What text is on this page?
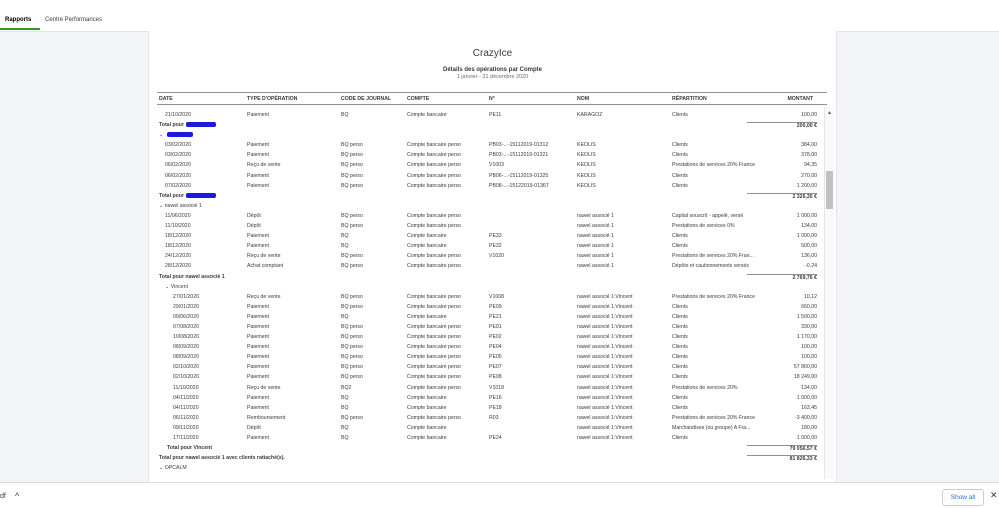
Rapports Centre Performances
CrazyIce
Détails des opérations par Compte
1 janvier - 31 décembre 2020
DATE	TYPE D'OPÉRATION	CODE DE JOURNAL	COMPTE	N°	NOM	RÉPARTITION	MONTANT
21/10/2020	Paiement	BQ	Compte bancaire	PE11	KARAGOZ	Clients	100,00
Total pour	200,00 €
⌄
03/02/2020	Paiement	BQ perso	Compte bancaire perso	PB03-...-15112019-01312	KEOLIS	Clients	384,00
03/02/2020	Paiement	BQ perso	Compte bancaire perso	PB03-...-15112019-01321	KEOLIS	Clients	378,00
06/02/2020	Reçu de vente	BQ perso	Compte bancaire perso	V1003	KEOLIS	Prestations de services 20% France	94,35
06/02/2020	Paiement	BQ perso	Compte bancaire perso	PB06-...-15112019-01325	KEOLIS	Clients	270,00
07/02/2020	Paiement	BQ perso	Compte bancaire perso	PB08-...-15122019-01367	KEOLIS	Clients	1 200,00
Total pour	2 326,35 €
⌄ nawel associé 1
11/06/2020	Dépôt	BQ perso	Compte bancaire perso	nawel associé 1	Capital souscrit - appelé, versé	1 000,00
11/10/2020	Dépôt	BQ perso	Compte bancaire perso	nawel associé 1	Prestations de services 0%	134,00
18/12/2020	Paiement	BQ	Compte bancaire	PE33	nawel associé 1	Clients	1 000,00
18/12/2020	Paiement	BQ	Compte bancaire	PE32	nawel associé 1	Clients	500,00
24/12/2020	Reçu de vente	BQ perso	Compte bancaire perso	V1020	nawel associé 1	Prestations de services 20% Fran...	136,00
28/12/2020	Achat comptant	BQ perso	Compte bancaire perso	nawel associé 1	Dépôts et cautionnements versés	-0,24
Total pour nawel associé 1	2 769,76 €
⌄ Vincent
27/01/2020	Reçu de vente	BQ perso	Compte bancaire perso	V1008	nawel associé 1:Vincent	Prestations de services 20% France	10,12
29/01/2020	Paiement	BQ perso	Compte bancaire perso	PE09	nawel associé 1:Vincent	Clients	660,00
09/06/2020	Paiement	BQ	Compte bancaire	PE21	nawel associé 1:Vincent	Clients	1 500,00
07/08/2020	Paiement	BQ perso	Compte bancaire perso	PE01	nawel associé 1:Vincent	Clients	330,00
10/08/2020	Paiement	BQ perso	Compte bancaire perso	PE02	nawel associé 1:Vincent	Clients	1 170,00
08/09/2020	Paiement	BQ perso	Compte bancaire perso	PE04	nawel associé 1:Vincent	Clients	100,00
08/09/2020	Paiement	BQ perso	Compte bancaire perso	PE05	nawel associé 1:Vincent	Clients	100,00
02/10/2020	Paiement	BQ perso	Compte bancaire perso	PE07	nawel associé 1:Vincent	Clients	57 860,00
02/10/2020	Paiement	BQ perso	Compte bancaire perso	PE08	nawel associé 1:Vincent	Clients	18 249,00
11/10/2020	Reçu de vente	BQ2	Compte bancaire perso	V1018	nawel associé 1:Vincent	Prestations de services 20%	134,00
04/11/2020	Paiement	BQ	Compte bancaire	PE16	nawel associé 1:Vincent	Clients	1 000,00
04/11/2020	Paiement	BQ	Compte bancaire	PE18	nawel associé 1:Vincent	Clients	163,45
06/11/2020	Remboursement	BQ perso	Compte bancaire perso	R03	nawel associé 1:Vincent	Prestations de services 20% France	-3 400,00
09/11/2020	Dépôt	BQ	Compte bancaire	nawel associé 1:Vincent	Marchandises (ou groupe) A Fra...	180,00
17/11/2020	Paiement	BQ	Compte bancaire	PE24	nawel associé 1:Vincent	Clients	1 000,00
Total pour Vincent	79 056,57 €
Total pour nawel associé 1 avec clients rattaché(s).	81 826,33 €
⌄ OPCALM
▲
df ^	Show all	✕
